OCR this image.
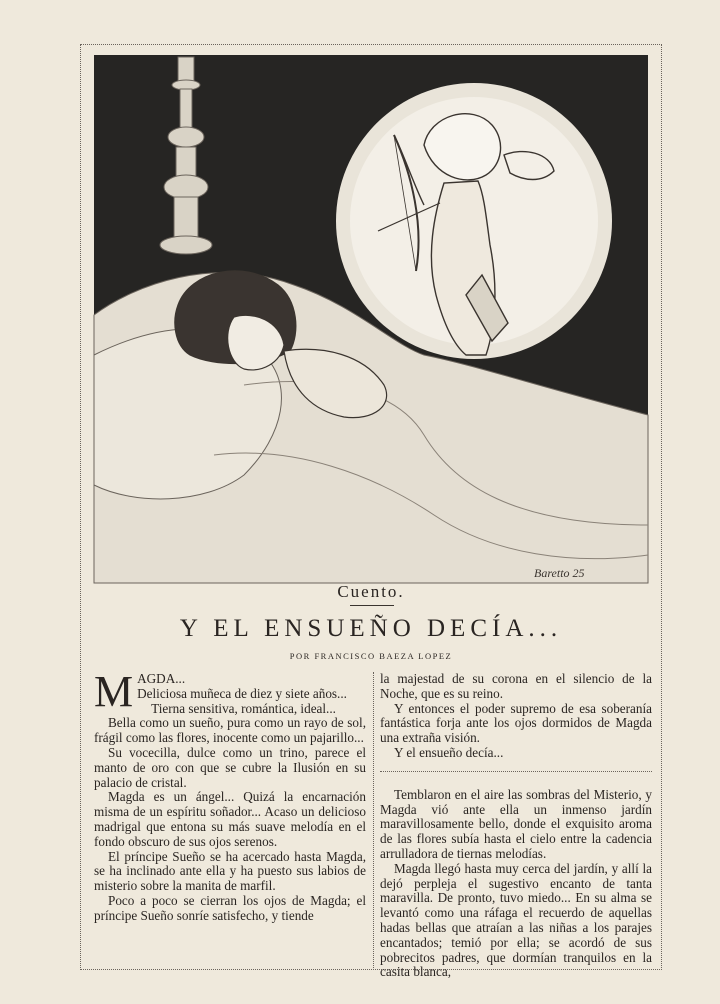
Baretto 25
Cuento.
Y EL ENSUEÑO DECÍA...
POR FRANCISCO BAEZA LOPEZ

MAGDA...

Deliciosa muñeca de diez y siete años...

Tierna sensitiva, romántica, ideal...

Bella como un sueño, pura como un rayo de sol, frágil como las flores, inocente como un pajarillo...

Su vocecilla, dulce como un trino, parece el manto de oro con que se cubre la Ilusión en su palacio de cristal.

Magda es un ángel... Quizá la encarnación misma de un espíritu soñador... Acaso un delicioso madrigal que entona su más suave melodía en el fondo obscuro de sus ojos serenos.

El príncipe Sueño se ha acercado hasta Magda, se ha inclinado ante ella y ha puesto sus labios de misterio sobre la manita de marfil.

Poco a poco se cierran los ojos de Magda; el príncipe Sueño sonríe satisfecho, y tiende

la majestad de su corona en el silencio de la Noche, que es su reino.

Y entonces el poder supremo de esa soberanía fantástica forja ante los ojos dormidos de Magda una extraña visión.

Y el ensueño decía...

Temblaron en el aire las sombras del Misterio, y Magda vió ante ella un inmenso jardín maravillosamente bello, donde el exquisito aroma de las flores subía hasta el cielo entre la cadencia arrulladora de tiernas melodías.

Magda llegó hasta muy cerca del jardín, y allí la dejó perpleja el sugestivo encanto de tanta maravilla. De pronto, tuvo miedo... En su alma se levantó como una ráfaga el recuerdo de aquellas hadas bellas que atraían a las niñas a los parajes encantados; temió por ella; se acordó de sus pobrecitos padres, que dormían tranquilos en la casita blanca,
